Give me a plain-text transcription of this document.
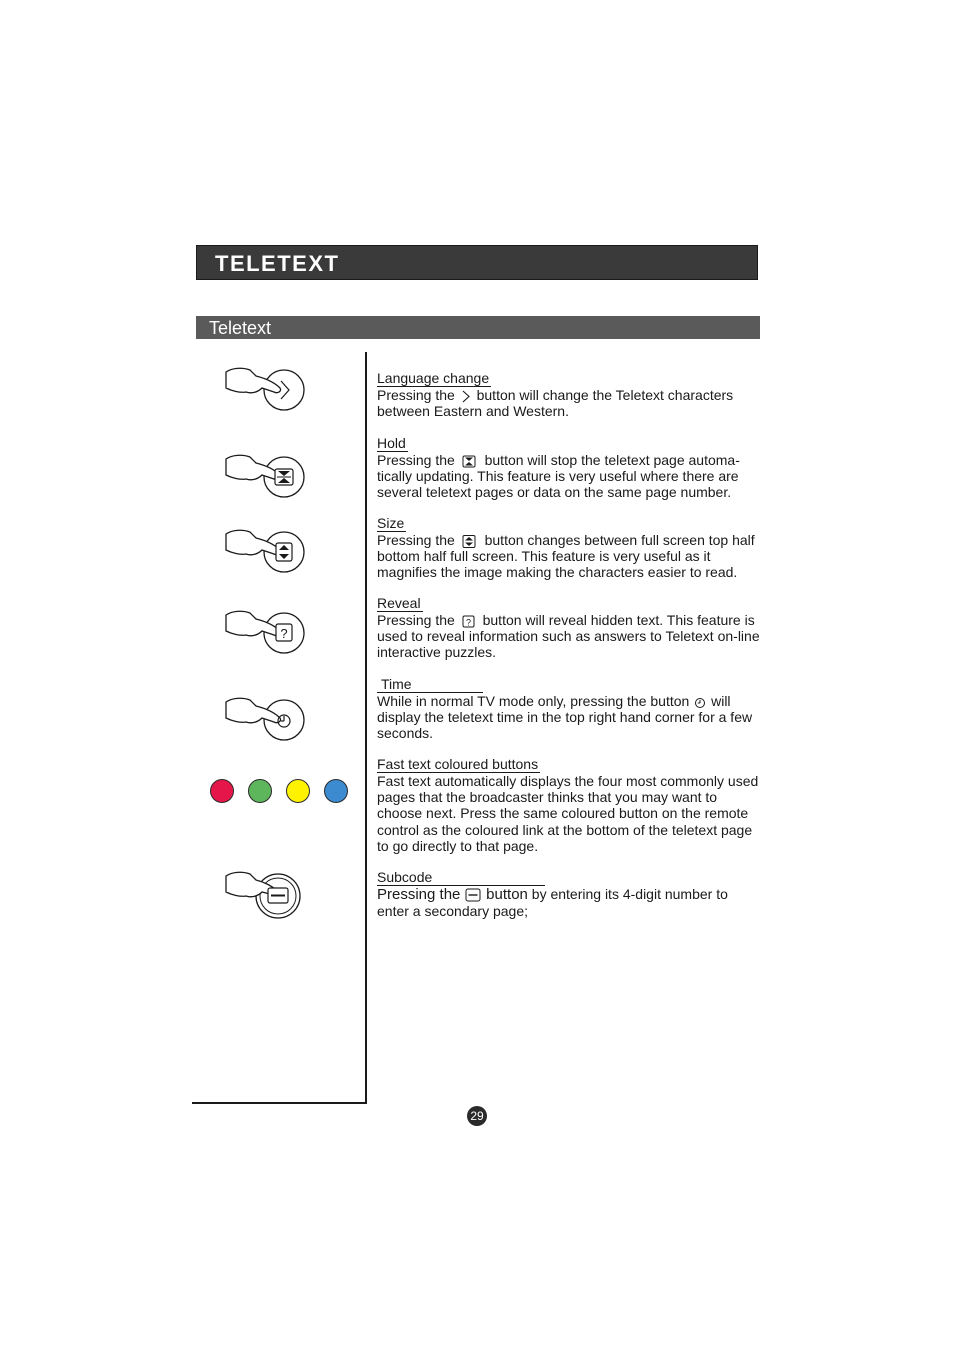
TELETEXT
Teletext
?
Language change

Pressing the button will change the Teletext characters between Eastern and Western.

Hold

Pressing the button will stop the teletext page automa-tically updating. This feature is very useful where there are several teletext pages or data on the same page number.

Size

Pressing the button changes between full screen top half bottom half full screen. This feature is very useful as it magnifies the image making the characters easier to read.

Reveal

Pressing the ? button will reveal hidden text. This feature is used to reveal information such as answers to Teletext on-line interactive puzzles.

Time

While in normal TV mode only, pressing the button will display the teletext time in the top right hand corner for a few seconds.

Fast text coloured buttons

Fast text automatically displays the four most commonly used pages that the broadcaster thinks that you may want to choose next. Press the same coloured button on the remote control as the coloured link at the bottom of the teletext page to go directly to that page.

Subcode

Pressing the button by entering its 4-digit number to enter a secondary page;

29
